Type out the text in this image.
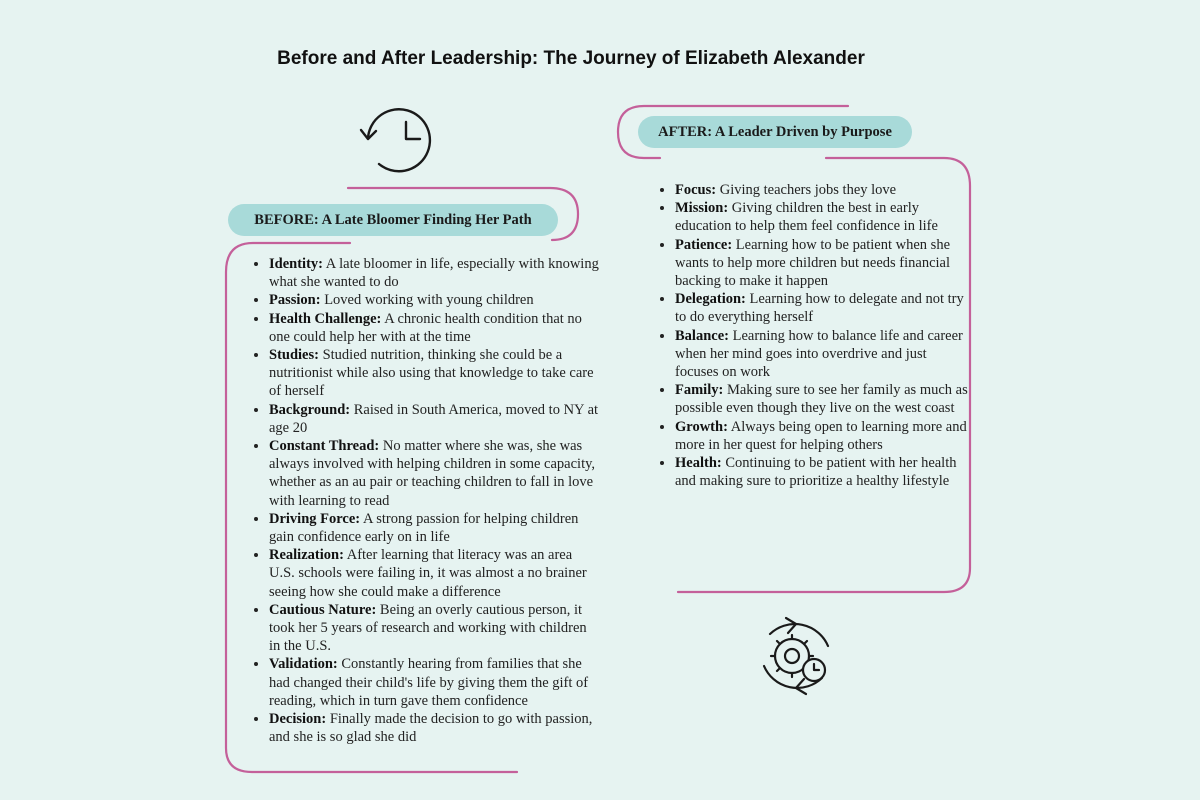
Before and After Leadership: The Journey of Elizabeth Alexander
BEFORE: A Late Bloomer Finding Her Path
AFTER: A Leader Driven by Purpose
• Identity: A late bloomer in life, especially with knowing what she wanted to do
• Passion: Loved working with young children
• Health Challenge: A chronic health condition that no one could help her with at the time
• Studies: Studied nutrition, thinking she could be a nutritionist while also using that knowledge to take care of herself
• Background: Raised in South America, moved to NY at age 20
• Constant Thread: No matter where she was, she was always involved with helping children in some capacity, whether as an au pair or teaching children to fall in love with learning to read
• Driving Force: A strong passion for helping children gain confidence early on in life
• Realization: After learning that literacy was an area U.S. schools were failing in, it was almost a no brainer seeing how she could make a difference
• Cautious Nature: Being an overly cautious person, it took her 5 years of research and working with children in the U.S.
• Validation: Constantly hearing from families that she had changed their child's life by giving them the gift of reading, which in turn gave them confidence
• Decision: Finally made the decision to go with passion, and she is so glad she did
• Focus: Giving teachers jobs they love
• Mission: Giving children the best in early education to help them feel confidence in life
• Patience: Learning how to be patient when she wants to help more children but needs financial backing to make it happen
• Delegation: Learning how to delegate and not try to do everything herself
• Balance: Learning how to balance life and career when her mind goes into overdrive and just focuses on work
• Family: Making sure to see her family as much as possible even though they live on the west coast
• Growth: Always being open to learning more and more in her quest for helping others
• Health: Continuing to be patient with her health and making sure to prioritize a healthy lifestyle
